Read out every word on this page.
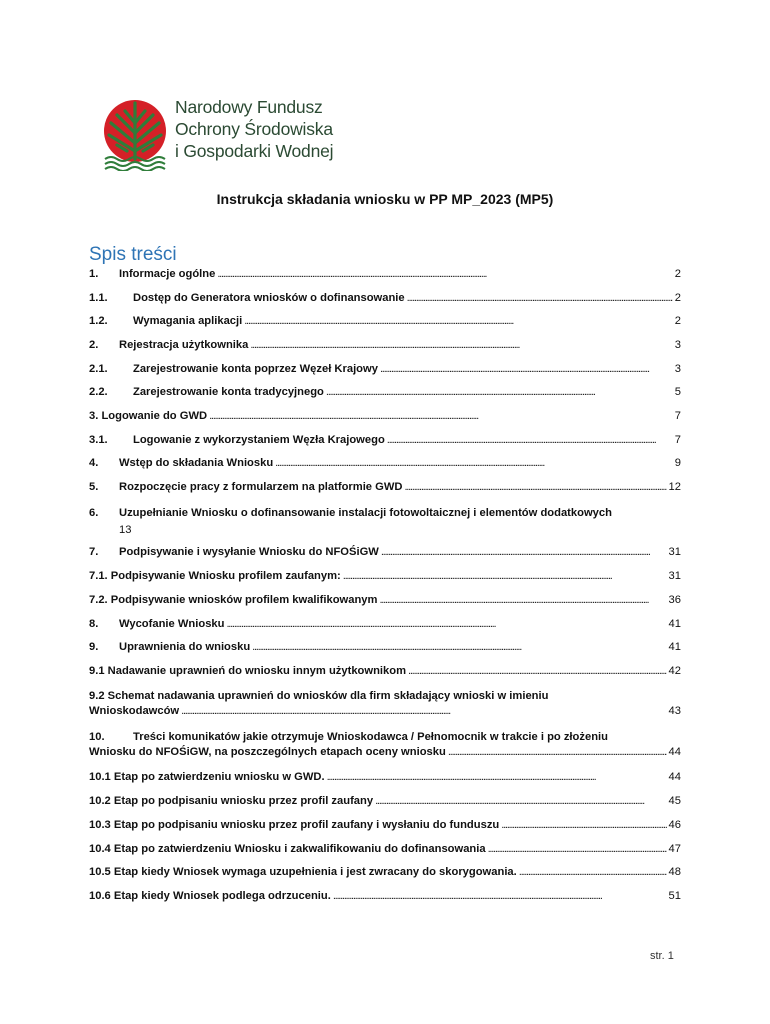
Narodowy Fundusz
Ochrony Środowiska
i Gospodarki Wodnej
Instrukcja składania wniosku w PP MP_2023 (MP5)
Spis treści
1.	Informacje ogólne . . .	2
1.1.	Dostęp do Generatora wniosków o dofinansowanie . . .	2
1.2.	Wymagania aplikacji . . .	2
2.	Rejestracja użytkownika . . .	3
2.1.	Zarejestrowanie konta poprzez Węzeł Krajowy . . .	3
2.2.	Zarejestrowanie konta tradycyjnego . . .	5
3. Logowanie do GWD . . .	7
3.1.	Logowanie z wykorzystaniem Węzła Krajowego . . .	7
4.	Wstęp do składania Wniosku . . .	9
5.	Rozpoczęcie pracy z formularzem na platformie GWD . . .	12
6. Uzupełnianie Wniosku o dofinansowanie instalacji fotowoltaicznej i elementów dodatkowych
13
7.	Podpisywanie i wysyłanie Wniosku do NFOŚiGW . . .	31
7.1. Podpisywanie Wniosku profilem zaufanym: . . .	31
7.2. Podpisywanie wniosków profilem kwalifikowanym . . .	36
8.	Wycofanie Wniosku . . .	41
9.	Uprawnienia do wniosku . . .	41
9.1 Nadawanie uprawnień do wniosku innym użytkownikom . . .	42
9.2 Schemat nadawania uprawnień do wniosków dla firm składający wnioski w imieniu
Wnioskodawców . . .	43
10.	Treści komunikatów jakie otrzymuje Wnioskodawca / Pełnomocnik w trakcie i po złożeniu
Wniosku do NFOŚiGW, na poszczególnych etapach oceny wniosku . . .	44
10.1 Etap po zatwierdzeniu wniosku w GWD. . . .	44
10.2 Etap po podpisaniu wniosku przez profil zaufany . . .	45
10.3 Etap po podpisaniu wniosku przez profil zaufany i wysłaniu do funduszu . . .	46
10.4 Etap po zatwierdzeniu Wniosku i zakwalifikowaniu do dofinansowania . . .	47
10.5 Etap kiedy Wniosek wymaga uzupełnienia i jest zwracany do skorygowania. . . .	48
10.6 Etap kiedy Wniosek podlega odrzuceniu. . . .	51
str. 1
